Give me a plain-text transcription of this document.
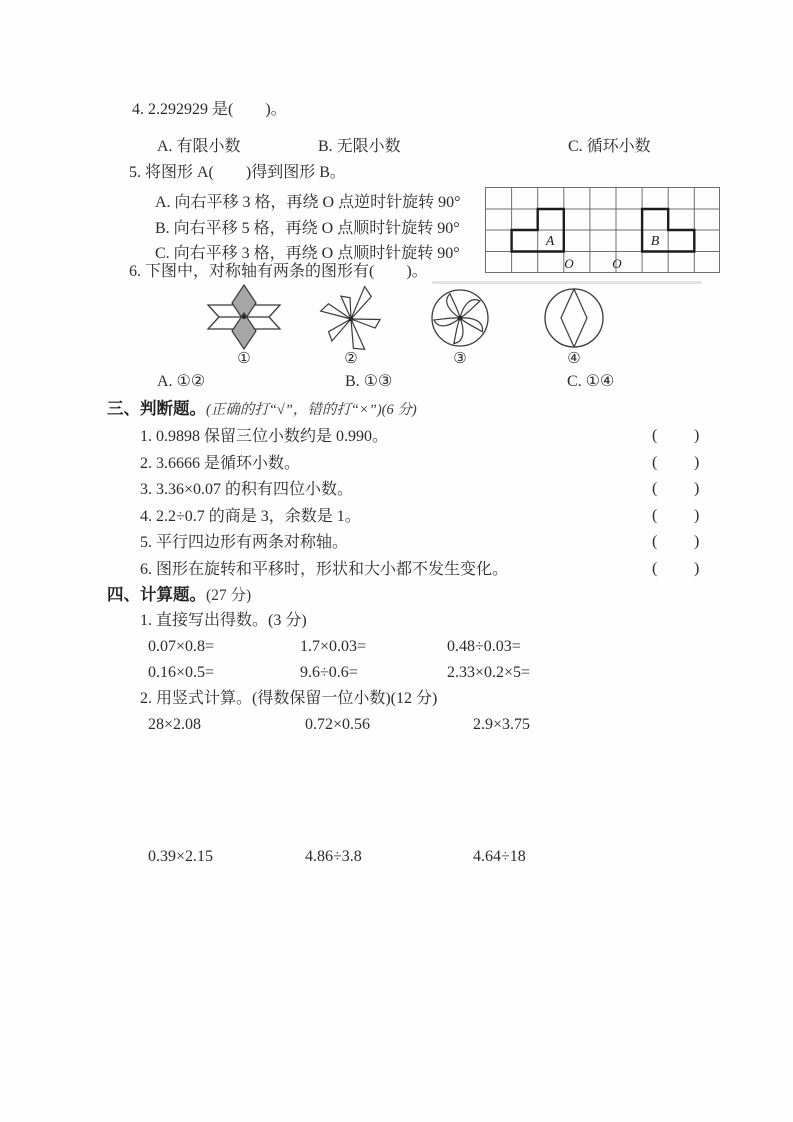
4. 2.292929 是(　　)。
A. 有限小数	B. 无限小数	C. 循环小数
5. 将图形 A(　　)得到图形 B。
A. 向右平移 3 格，再绕 O 点逆时针旋转 90°
B. 向右平移 5 格，再绕 O 点顺时针旋转 90°
C. 向右平移 3 格，再绕 O 点顺时针旋转 90°
A	B
O	O
6. 下图中，对称轴有两条的图形有(　　)。
①	②	③	④
A. ①②	B. ①③	C. ①④
三、判断题。(正确的打“√”，错的打“×”)(6 分)
1. 0.9898 保留三位小数约是 0.990。	( )
2. 3.6666 是循环小数。	( )
3. 3.36×0.07 的积有四位小数。	( )
4. 2.2÷0.7 的商是 3，余数是 1。	( )
5. 平行四边形有两条对称轴。	( )
6. 图形在旋转和平移时，形状和大小都不发生变化。	( )
四、计算题。(27 分)
1. 直接写出得数。(3 分)
0.07×0.8=	1.7×0.03=	0.48÷0.03=
0.16×0.5=	9.6÷0.6=	2.33×0.2×5=
2. 用竖式计算。(得数保留一位小数)(12 分)
28×2.08	0.72×0.56	2.9×3.75
0.39×2.15	4.86÷3.8	4.64÷18
